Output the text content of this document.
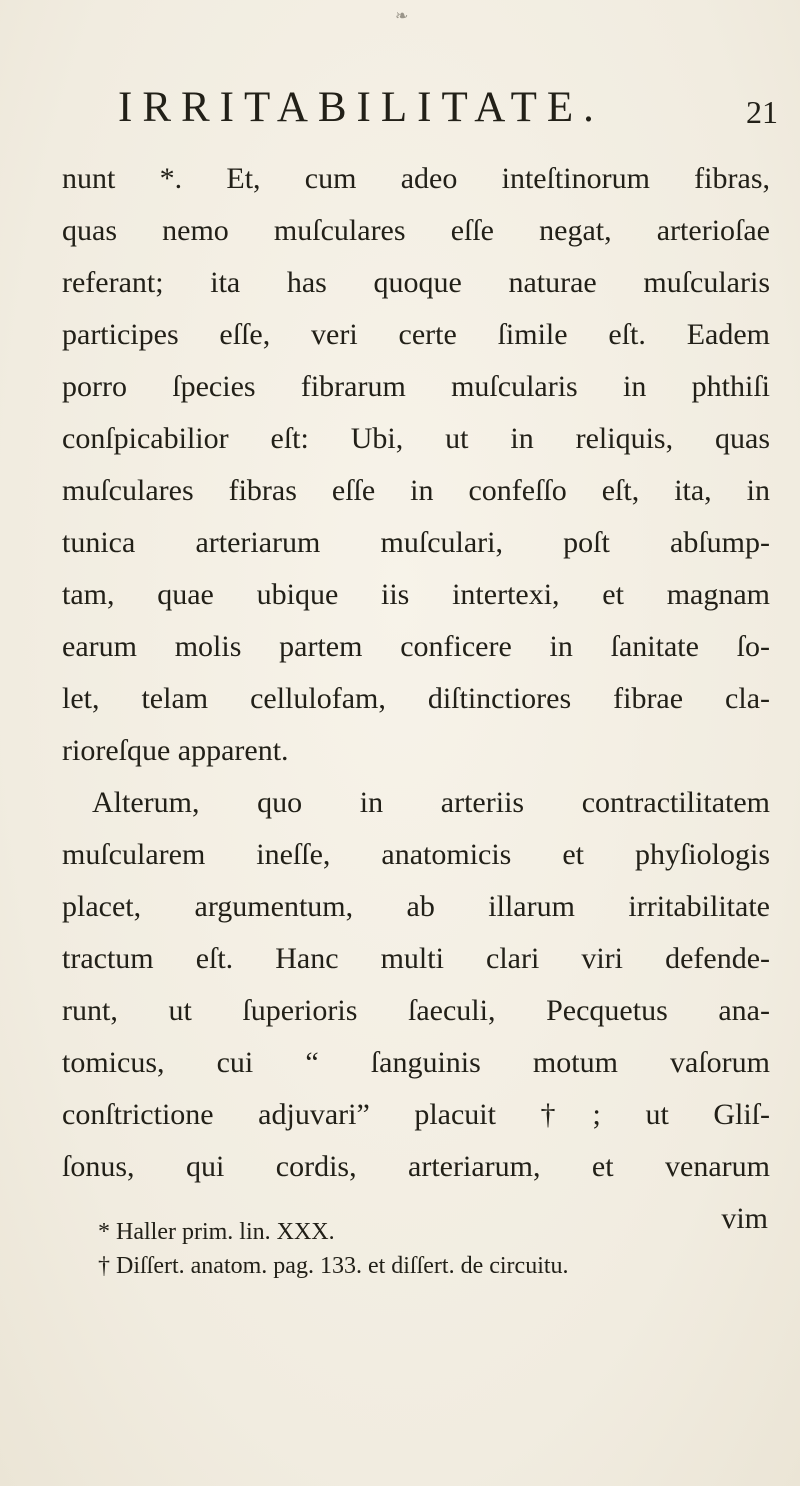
❧
IRRITABILITATE.	21
nunt *. Et, cum adeo inteſtinorum fibras,
quas nemo muſculares eſſe negat, arterioſae
referant; ita has quoque naturae muſcularis
participes eſſe, veri certe ſimile eſt. Eadem
porro ſpecies fibrarum muſcularis in phthiſi
conſpicabilior eſt: Ubi, ut in reliquis, quas
muſculares fibras eſſe in confeſſo eſt, ita, in
tunica arteriarum muſculari, poſt abſump-
tam, quae ubique iis intertexi, et magnam
earum molis partem conficere in ſanitate ſo-
let, telam cellulofam, diſtinctiores fibrae cla-
rioreſque apparent.
Alterum, quo in arteriis contractilitatem
muſcularem ineſſe, anatomicis et phyſiologis
placet, argumentum, ab illarum irritabilitate
tractum eſt. Hanc multi clari viri defende-
runt, ut ſuperioris ſaeculi, Pecquetus ana-
tomicus, cui “ ſanguinis motum vaſorum
conſtrictione adjuvari” placuit †; ut Gliſ-
ſonus, qui cordis, arteriarum, et venarum
vim
* Haller prim. lin. XXX.
† Diſſert. anatom. pag. 133. et diſſert. de circuitu.
